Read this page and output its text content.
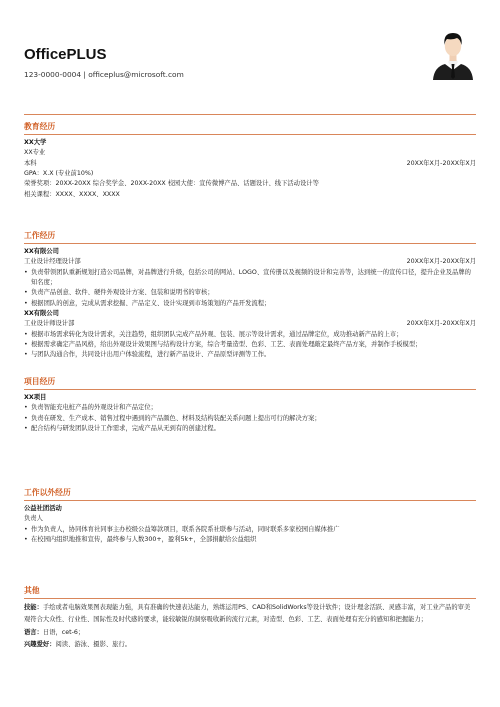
OfficePLUS
123-0000-0004 | officeplus@microsoft.com
教育经历
XX大学
XX专业
本科	20XX年X月-20XX年X月
GPA：X.X (专业前10%)
荣誉奖项：20XX-20XX 综合奖学金、20XX-20XX 校园大使：宣传微博产品、话题设计、线下活动设计等
相关课程：XXXX、XXXX、XXXX
工作经历
XX有限公司
工业设计经理设计部	20XX年X月-20XX年X月
• 负责带领团队重新规划打造公司品牌，对品牌进行升级，包括公司的网站、LOGO、宣传册以及视频的设计和完善等，达到统一的宣传口径，提升企业及品牌的知名度；
• 负责产品创意、软件、硬件外观设计方案、包装和说明书的审核；
• 根据团队的创意，完成从需求挖掘、产品定义、设计实现到市场策划的产品开发流程；
XX有限公司
工业设计师设计部	20XX年X月-20XX年X月
• 根据市场需求转化为设计需求，关注趋势，组织团队完成产品外观、包装、展示等设计需求，通过品牌定位，成功推动新产品的上市；
• 根据需求确定产品风格，给出外观设计效果图与结构设计方案，综合考量造型、色彩、工艺、表面处理敲定最终产品方案，并制作手板模型；
• 与团队沟通合作，共同设计出用户体验流程，进行新产品设计、产品原型评测等工作。
项目经历
XX项目
• 负责智能充电桩产品的外观设计和产品定位；
• 负责在研发、生产成本、销售过程中遇到的产品颜色、材料及结构装配关系问题上提出可行的解决方案；
• 配合结构与研发团队设计工作需求，完成产品从无到有的创建过程。
工作以外经历
公益社团活动
负责人
• 作为负责人，协同体育社同事主办校级公益筹款项目，联系各院系社联参与活动，同时联系多家校园自媒体推广
• 在校园内组织地推和宣传，最终参与人数300+，盈利5k+，全部捐献给公益组织
其他
技能：手绘或者电脑效果图表现能力强，具有准确的快速表达能力，熟练运用PS、CAD和SolidWorks等设计软件；设计理念活跃、灵感丰富，对工业产品的审美观符合大众性、行业性、国际性及时代感的要求，能较敏锐的洞察吸收新的流行元素，对造型、色彩、工艺、表面处理有充分的感知和把握能力；
语言：日语，cet-6；
兴趣爱好：阅读、游泳、摄影、旅行。
